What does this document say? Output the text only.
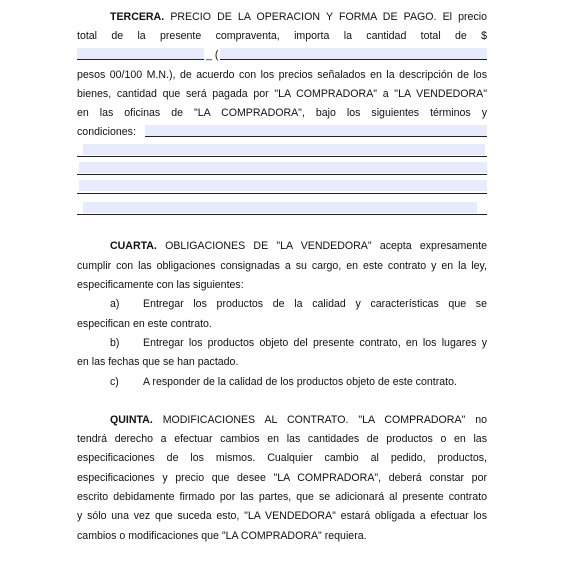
TERCERA. PRECIO DE LA OPERACION Y FORMA DE PAGO. El precio
total de la presente compraventa, importa la cantidad total de $
_ (
pesos 00/100 M.N.), de acuerdo con los precios señalados en la descripción de los
bienes, cantidad que será pagada por "LA COMPRADORA" a "LA VENDEDORA"
en las oficinas de "LA COMPRADORA", bajo los siguientes términos y
condiciones:
CUARTA. OBLIGACIONES DE "LA VENDEDORA" acepta expresamente
cumplir con las obligaciones consignadas a su cargo, en este contrato y en la ley,
especificamente con las siguientes:
a)	Entregar los productos de la calidad y características que se
especifican en este contrato.
b)	Entregar los productos objeto del presente contrato, en los lugares y
en las fechas que se han pactado.
c)	A responder de la calidad de los productos objeto de este contrato.
QUINTA. MODIFICACIONES AL CONTRATO. "LA COMPRADORA" no
tendrá derecho a efectuar cambios en las cantidades de productos o en las
especificaciones de los mismos. Cualquier cambio al pedido, productos,
especificaciones y precio que desee "LA COMPRADORA", deberá constar por
escrito debidamente firmado por las partes, que se adicionará al presente contrato
y sólo una vez que suceda esto, "LA VENDEDORA" estará obligada a efectuar los
cambios o modificaciones que "LA COMPRADORA" requiera.
